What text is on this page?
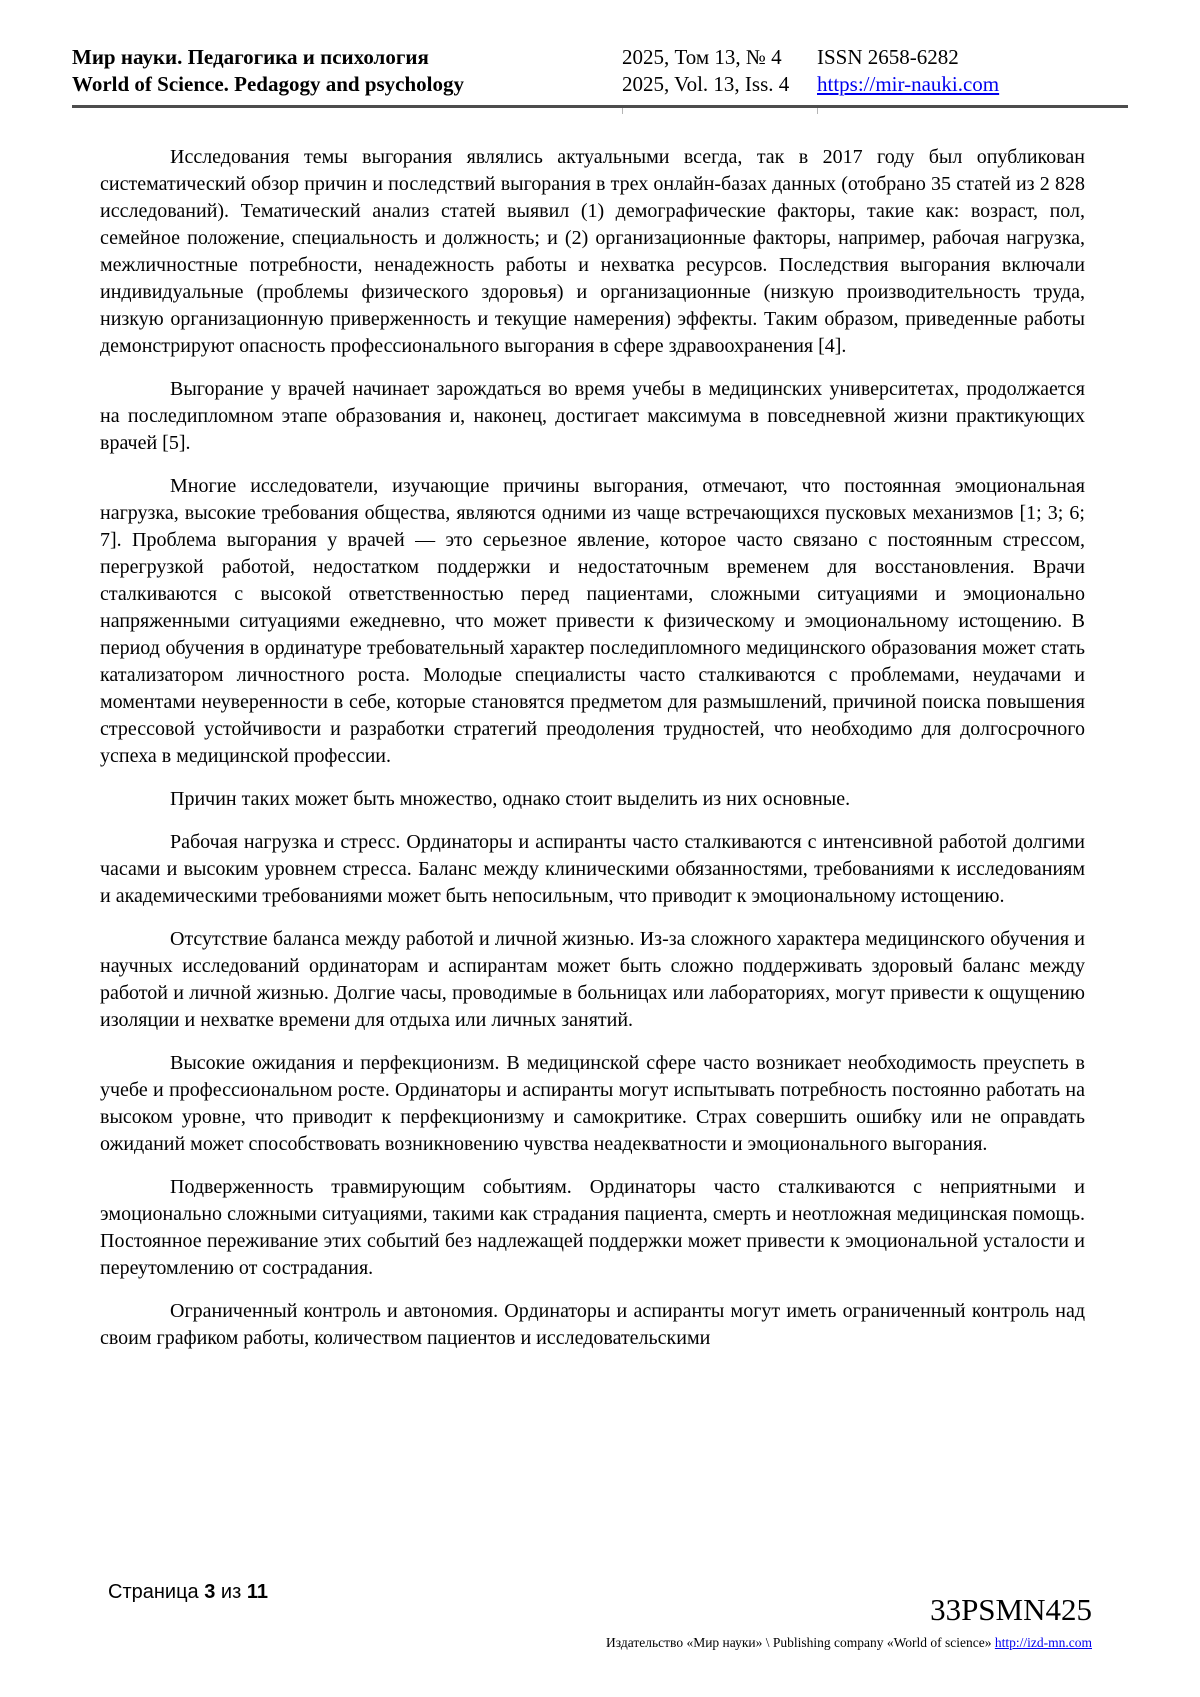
Мир науки. Педагогика и психология
World of Science. Pedagogy and psychology
2025, Том 13, № 4
2025, Vol. 13, Iss. 4
ISSN 2658-6282
https://mir-nauki.com

Исследования темы выгорания являлись актуальными всегда, так в 2017 году был опубликован систематический обзор причин и последствий выгорания в трех онлайн-базах данных (отобрано 35 статей из 2 828 исследований). Тематический анализ статей выявил (1) демографические факторы, такие как: возраст, пол, семейное положение, специальность и должность; и (2) организационные факторы, например, рабочая нагрузка, межличностные потребности, ненадежность работы и нехватка ресурсов. Последствия выгорания включали индивидуальные (проблемы физического здоровья) и организационные (низкую производительность труда, низкую организационную приверженность и текущие намерения) эффекты. Таким образом, приведенные работы демонстрируют опасность профессионального выгорания в сфере здравоохранения [4].

Выгорание у врачей начинает зарождаться во время учебы в медицинских университетах, продолжается на последипломном этапе образования и, наконец, достигает максимума в повседневной жизни практикующих врачей [5].

Многие исследователи, изучающие причины выгорания, отмечают, что постоянная эмоциональная нагрузка, высокие требования общества, являются одними из чаще встречающихся пусковых механизмов [1; 3; 6; 7]. Проблема выгорания у врачей — это серьезное явление, которое часто связано с постоянным стрессом, перегрузкой работой, недостатком поддержки и недостаточным временем для восстановления. Врачи сталкиваются с высокой ответственностью перед пациентами, сложными ситуациями и эмоционально напряженными ситуациями ежедневно, что может привести к физическому и эмоциональному истощению. В период обучения в ординатуре требовательный характер последипломного медицинского образования может стать катализатором личностного роста. Молодые специалисты часто сталкиваются с проблемами, неудачами и моментами неуверенности в себе, которые становятся предметом для размышлений, причиной поиска повышения стрессовой устойчивости и разработки стратегий преодоления трудностей, что необходимо для долгосрочного успеха в медицинской профессии.

Причин таких может быть множество, однако стоит выделить из них основные.

Рабочая нагрузка и стресс. Ординаторы и аспиранты часто сталкиваются с интенсивной работой долгими часами и высоким уровнем стресса. Баланс между клиническими обязанностями, требованиями к исследованиям и академическими требованиями может быть непосильным, что приводит к эмоциональному истощению.

Отсутствие баланса между работой и личной жизнью. Из-за сложного характера медицинского обучения и научных исследований ординаторам и аспирантам может быть сложно поддерживать здоровый баланс между работой и личной жизнью. Долгие часы, проводимые в больницах или лабораториях, могут привести к ощущению изоляции и нехватке времени для отдыха или личных занятий.

Высокие ожидания и перфекционизм. В медицинской сфере часто возникает необходимость преуспеть в учебе и профессиональном росте. Ординаторы и аспиранты могут испытывать потребность постоянно работать на высоком уровне, что приводит к перфекционизму и самокритике. Страх совершить ошибку или не оправдать ожиданий может способствовать возникновению чувства неадекватности и эмоционального выгорания.

Подверженность травмирующим событиям. Ординаторы часто сталкиваются с неприятными и эмоционально сложными ситуациями, такими как страдания пациента, смерть и неотложная медицинская помощь. Постоянное переживание этих событий без надлежащей поддержки может привести к эмоциональной усталости и переутомлению от сострадания.

Ограниченный контроль и автономия. Ординаторы и аспиранты могут иметь ограниченный контроль над своим графиком работы, количеством пациентов и исследовательскими

Страница 3 из 11	33PSMN425
Издательство «Мир науки» \ Publishing company «World of science» http://izd-mn.com
